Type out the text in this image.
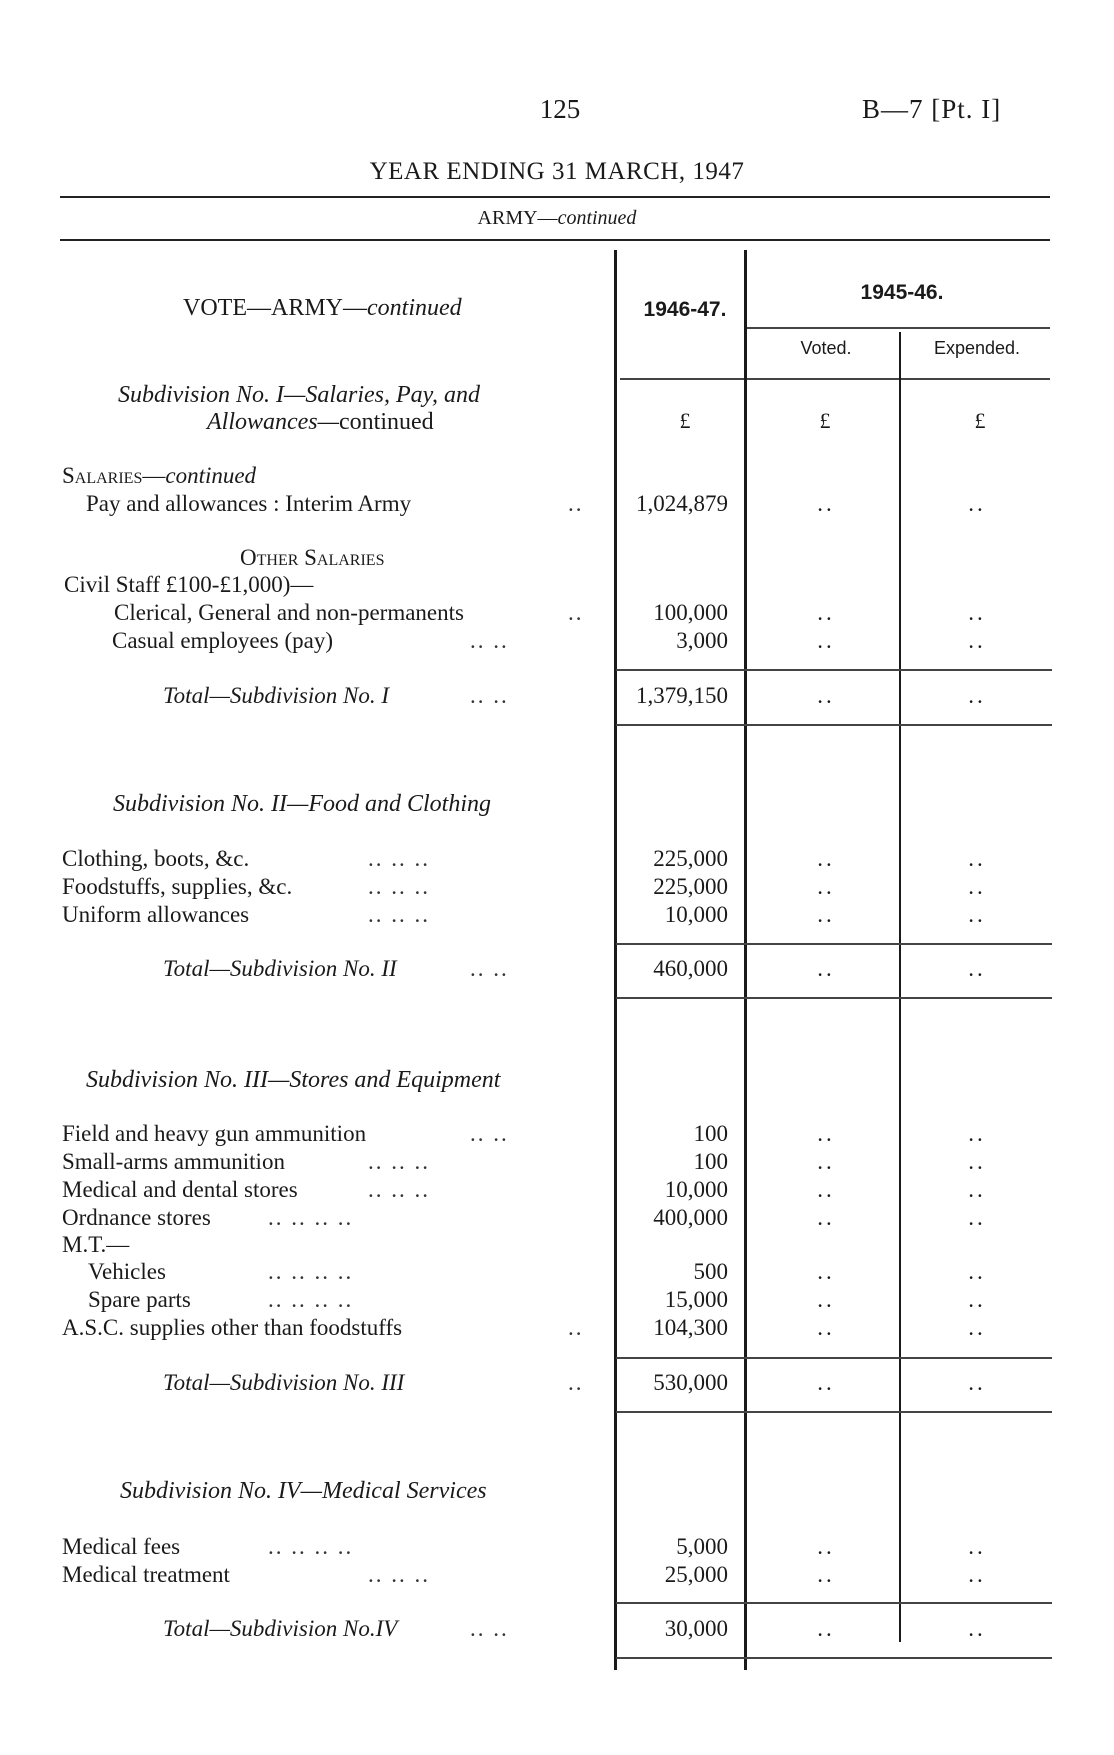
125	B—7 [Pt. I]
YEAR ENDING 31 MARCH, 1947
ARMY—continued
VOTE—ARMY—continued	1946-47.
1945-46.
Voted.	Expended.
£	£	£
Subdivision No. I—Salaries, Pay, and
Allowances—continued
Salaries—continued
Pay and allowances : Interim Army	..	1,024,879	..	..
Other Salaries
Civil Staff £100-£1,000)—
Clerical, General and non-permanents	..	100,000	..	..
Casual employees (pay)	.. ..	3,000	..	..
Total—Subdivision No. I	.. ..	1,379,150	..	..
Subdivision No. II—Food and Clothing
Clothing, boots, &c.	.. .. ..	225,000	..	..
Foodstuffs, supplies, &c.	.. .. ..	225,000	..	..
Uniform allowances	.. .. ..	10,000	..	..
Total—Subdivision No. II	.. ..	460,000	..	..
Subdivision No. III—Stores and Equipment
Field and heavy gun ammunition	.. ..	100	..	..
Small-arms ammunition	.. .. ..	100	..	..
Medical and dental stores	.. .. ..	10,000	..	..
Ordnance stores .. .. .. ..	400,000	..	..
M.T.—
Vehicles	.. .. .. ..	500	..	..
Spare parts	.. .. .. ..	15,000	..	..
A.S.C. supplies other than foodstuffs	..	104,300	..	..
Total—Subdivision No. III	..	530,000	..	..
Subdivision No. IV—Medical Services
Medical fees	.. .. .. ..	5,000	..	..
Medical treatment	.. .. ..	25,000	..	..
Total—Subdivision No.IV	.. ..	30,000	..	..
